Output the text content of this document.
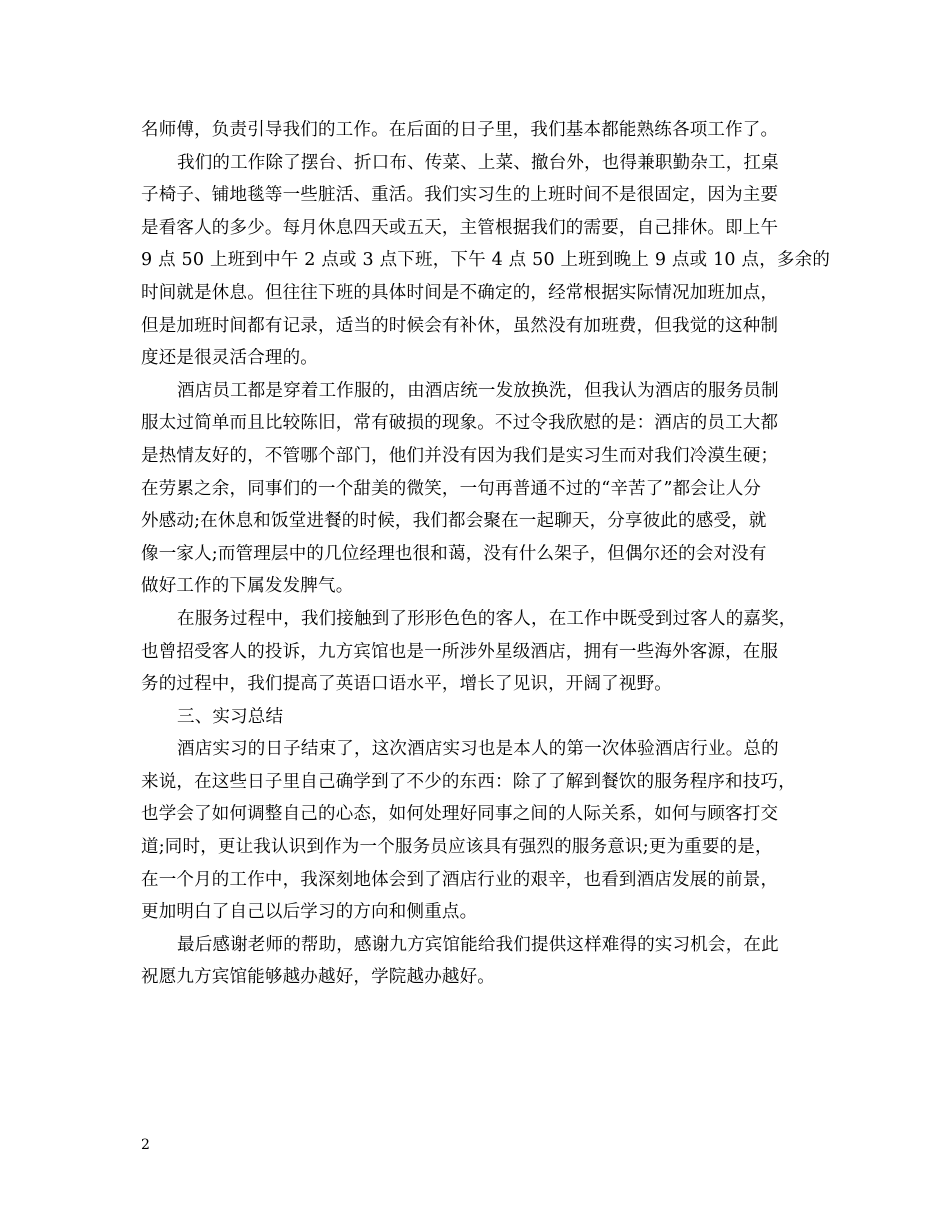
名师傅，负责引导我们的工作。在后面的日子里，我们基本都能熟练各项工作了。
我们的工作除了摆台、折口布、传菜、上菜、撤台外，也得兼职勤杂工，扛桌
子椅子、铺地毯等一些脏活、重活。我们实习生的上班时间不是很固定，因为主要
是看客人的多少。每月休息四天或五天，主管根据我们的需要，自己排休。即上午
9 点 50 上班到中午 2 点或 3 点下班，下午 4 点 50 上班到晚上 9 点或 10 点，多余的
时间就是休息。但往往下班的具体时间是不确定的，经常根据实际情况加班加点，
但是加班时间都有记录，适当的时候会有补休，虽然没有加班费，但我觉的这种制
度还是很灵活合理的。
酒店员工都是穿着工作服的，由酒店统一发放换洗，但我认为酒店的服务员制
服太过简单而且比较陈旧，常有破损的现象。不过令我欣慰的是：酒店的员工大都
是热情友好的，不管哪个部门，他们并没有因为我们是实习生而对我们冷漠生硬；
在劳累之余，同事们的一个甜美的微笑，一句再普通不过的“辛苦了”都会让人分
外感动;在休息和饭堂进餐的时候，我们都会聚在一起聊天，分享彼此的感受，就
像一家人;而管理层中的几位经理也很和蔼，没有什么架子，但偶尔还的会对没有
做好工作的下属发发脾气。
在服务过程中，我们接触到了形形色色的客人，在工作中既受到过客人的嘉奖，
也曾招受客人的投诉，九方宾馆也是一所涉外星级酒店，拥有一些海外客源，在服
务的过程中，我们提高了英语口语水平，增长了见识，开阔了视野。
三、实习总结
酒店实习的日子结束了，这次酒店实习也是本人的第一次体验酒店行业。总的
来说，在这些日子里自己确学到了不少的东西：除了了解到餐饮的服务程序和技巧，
也学会了如何调整自己的心态，如何处理好同事之间的人际关系，如何与顾客打交
道;同时，更让我认识到作为一个服务员应该具有强烈的服务意识;更为重要的是，
在一个月的工作中，我深刻地体会到了酒店行业的艰辛，也看到酒店发展的前景，
更加明白了自己以后学习的方向和侧重点。
最后感谢老师的帮助，感谢九方宾馆能给我们提供这样难得的实习机会，在此
祝愿九方宾馆能够越办越好，学院越办越好。
2
